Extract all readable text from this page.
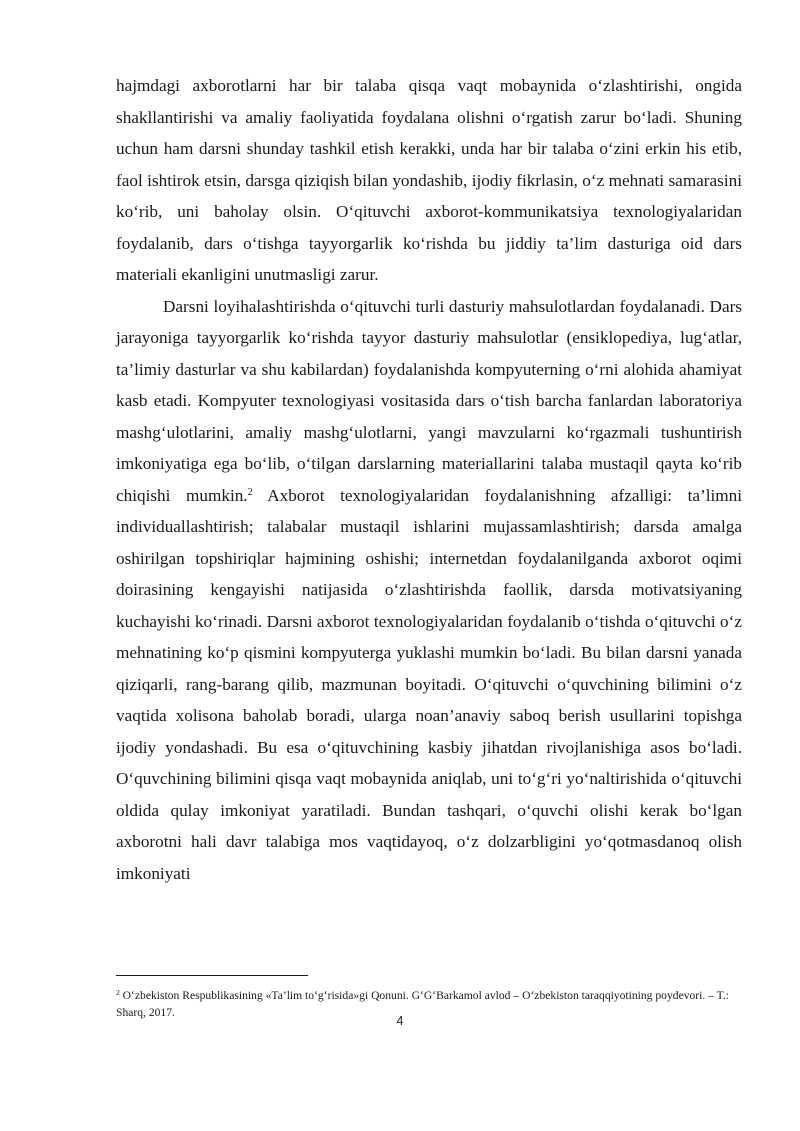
hajmdagi axborotlarni har bir talaba qisqa vaqt mobaynida o‘zlashtirishi, ongida shakllantirishi va amaliy faoliyatida foydalana olishni o‘rgatish zarur bo‘ladi. Shuning uchun ham darsni shunday tashkil etish kerakki, unda har bir talaba o‘zini erkin his etib, faol ishtirok etsin, darsga qiziqish bilan yondashib, ijodiy fikrlasin, o‘z mehnati samarasini ko‘rib, uni baholay olsin. O‘qituvchi axborot-kommunikatsiya texnologiyalaridan foydalanib, dars o‘tishga tayyorgarlik ko‘rishda bu jiddiy ta’lim dasturiga oid dars materiali ekanligini unutmasligi zarur.

Darsni loyihalashtirishda o‘qituvchi turli dasturiy mahsulotlardan foydalanadi. Dars jarayoniga tayyorgarlik ko‘rishda tayyor dasturiy mahsulotlar (ensiklopediya, lug‘atlar, ta’limiy dasturlar va shu kabilardan) foydalanishda kompyuterning o‘rni alohida ahamiyat kasb etadi. Kompyuter texnologiyasi vositasida dars o‘tish barcha fanlardan laboratoriya mashg‘ulotlarini, amaliy mashg‘ulotlarni, yangi mavzularni ko‘rgazmali tushuntirish imkoniyatiga ega bo‘lib, o‘tilgan darslarning materiallarini talaba mustaqil qayta ko‘rib chiqishi mumkin.$^2$ Axborot texnologiyalaridan foydalanishning afzalligi: ta’limni individuallashtirish; talabalar mustaqil ishlarini mujassamlashtirish; darsda amalga oshirilgan topshiriqlar hajmining oshishi; internetdan foydalanilganda axborot oqimi doirasining kengayishi natijasida o‘zlashtirishda faollik, darsda motivatsiyaning kuchayishi ko‘rinadi. Darsni axborot texnologiyalaridan foydalanib o‘tishda o‘qituvchi o‘z mehnatining ko‘p qismini kompyuterga yuklashi mumkin bo‘ladi. Bu bilan darsni yanada qiziqarli, rang-barang qilib, mazmunan boyitadi. O‘qituvchi o‘quvchining bilimini o‘z vaqtida xolisona baholab boradi, ularga noan’anaviy saboq berish usullarini topishga ijodiy yondashadi. Bu esa o‘qituvchining kasbiy jihatdan rivojlanishiga asos bo‘ladi. O‘quvchining bilimini qisqa vaqt mobaynida aniqlab, uni to‘g‘ri yo‘naltirishida o‘qituvchi oldida qulay imkoniyat yaratiladi. Bundan tashqari, o‘quvchi olishi kerak bo‘lgan axborotni hali davr talabiga mos vaqtidayoq, o‘z dolzarbligini yo‘qotmasdanoq olish imkoniyati

$^2$ O‘zbekiston Respublikasining «Ta’lim to‘g‘risida»gi Qonuni. G‘G‘Barkamol avlod – O‘zbekiston taraqqiyotining poydevori. – T.: Sharq, 2017.
4
